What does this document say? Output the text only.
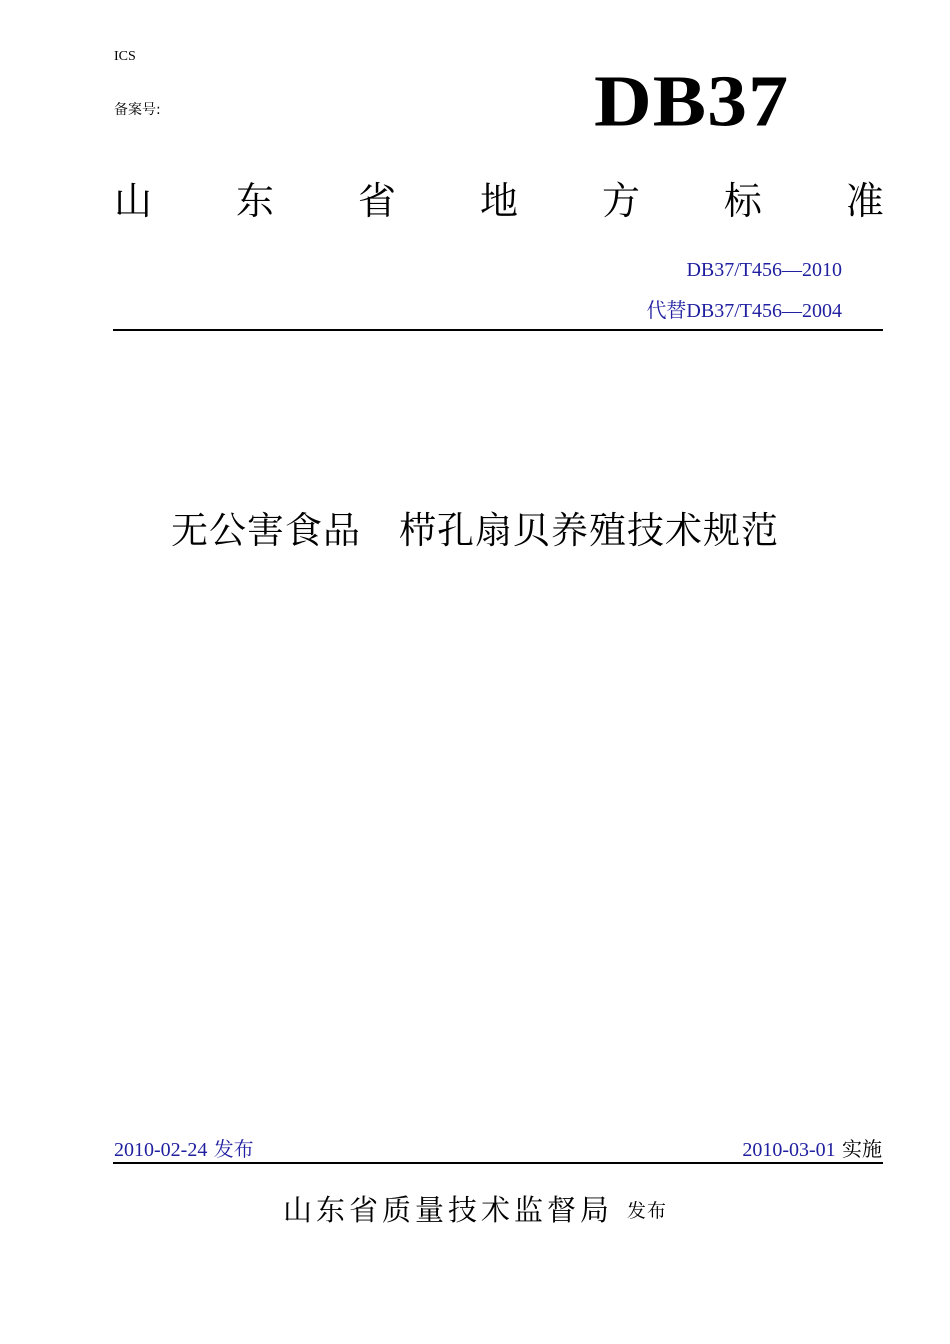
ICS
备案号:	DB37
山 东 省 地 方 标 准
DB37/T456—2010
代替DB37/T456—2004
无公害食品　栉孔扇贝养殖技术规范
2010-02-24 发布	2010-03-01 实施
山东省质量技术监督局 发布
